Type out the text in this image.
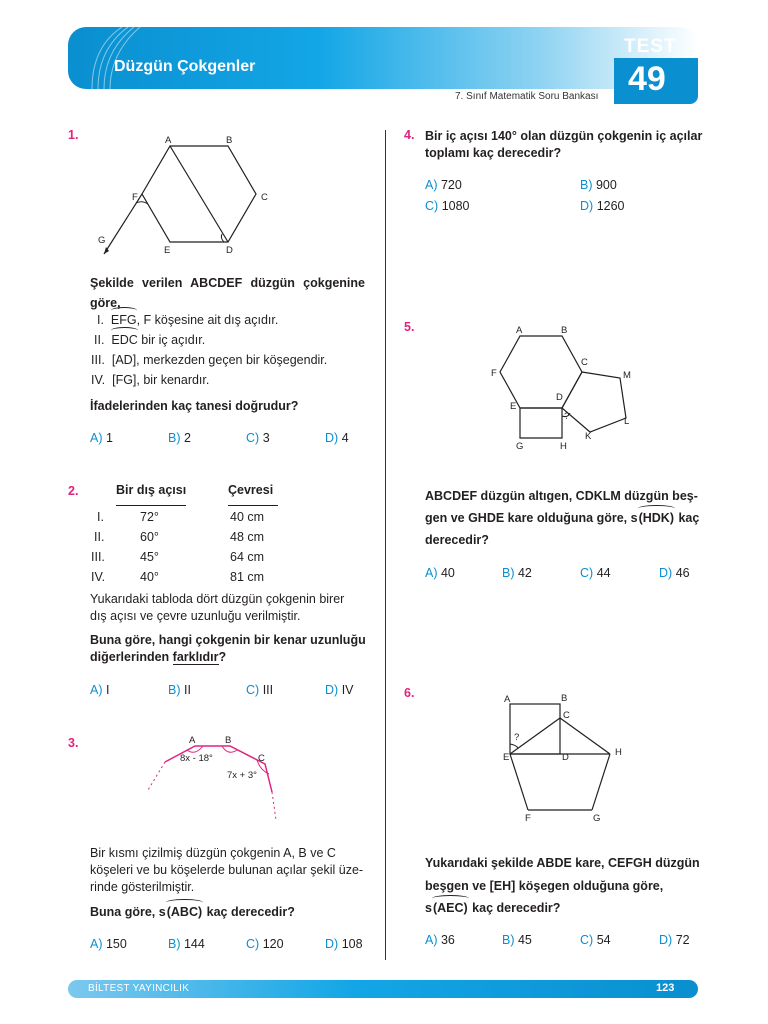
Düzgün Çokgenler
7. Sınıf Matematik Soru Bankası
TEST
49
1.	A	B
C
D
E
F
G
Şekilde verilen ABCDEF düzgün çokgenine göre,
I. EFG, F köşesine ait dış açıdır.
II. EDC bir iç açıdır.
III. [AD], merkezden geçen bir köşegendir.
IV. [FG], bir kenardır.
İfadelerinden kaç tanesi doğrudur?
A) 1	B) 2	C) 3	D) 4
2.	Bir dış açısı	Çevresi
I.	72°	40 cm
II.	60°	48 cm
III.	45°	64 cm
IV.	40°	81 cm
Yukarıdaki tabloda dört düzgün çokgenin birer
dış açısı ve çevre uzunluğu verilmiştir.
Buna göre, hangi çokgenin bir kenar uzunluğu
diğerlerinden farklıdır?
A) I	B) II	C) III	D) IV
3.	A	B
C
8x - 18°
7x + 3°
Bir kısmı çizilmiş düzgün çokgenin A, B ve C
köşeleri ve bu köşelerde bulunan açılar şekil üze-
rinde gösterilmiştir.
Buna göre, s(ABC) kaç derecedir?
A) 150	B) 144	C) 120	D) 108
4. Bir iç açısı 140° olan düzgün çokgenin iç açılar
toplamı kaç derecedir?
A) 720	B) 900
C) 1080	D) 1260
5.	A	B
C
D
E
F
G	H
K
L
M
?
ABCDEF düzgün altıgen, CDKLM düzgün beş-
gen ve GHDE kare olduğuna göre, s(HDK) kaç
derecedir?
A) 40	B) 42	C) 44	D) 46
6.	A	B
C
D
E
F	G
H
?
Yukarıdaki şekilde ABDE kare, CEFGH düzgün
beşgen ve [EH] köşegen olduğuna göre,
s(AEC) kaç derecedir?
A) 36	B) 45	C) 54	D) 72
BİLTEST YAYINCILIK	123
